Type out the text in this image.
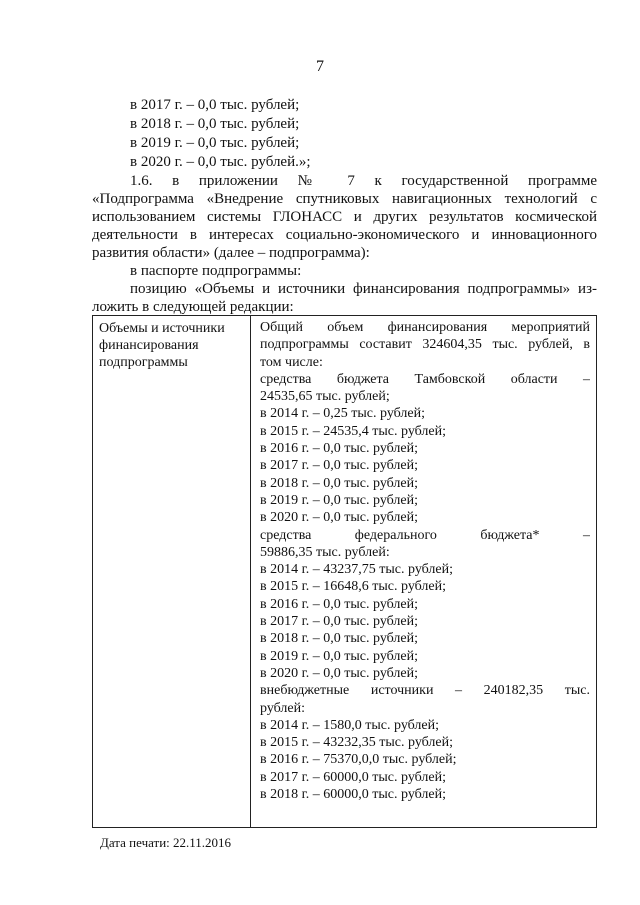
7
в 2017 г. – 0,0 тыс. рублей;
в 2018 г. – 0,0 тыс. рублей;
в 2019 г. – 0,0 тыс. рублей;
в 2020 г. – 0,0 тыс. рублей.»;
1.6. в приложении № 7 к государственной программе
«Подпрограмма «Внедрение спутниковых навигационных технологий с
использованием системы ГЛОНАСС и других результатов космической
деятельности в интересах социально-экономического и инновационного
развития области» (далее – подпрограмма):
в паспорте подпрограммы:
позицию «Объемы и источники финансирования подпрограммы» из-
ложить в следующей редакции:
Объемы и источники
финансирования
подпрограммы
Общий объем финансирования мероприятий
подпрограммы составит 324604,35 тыс. рублей, в
том числе:
средства бюджета Тамбовской области –
24535,65 тыс. рублей;
в 2014 г. – 0,25 тыс. рублей;
в 2015 г. – 24535,4 тыс. рублей;
в 2016 г. – 0,0 тыс. рублей;
в 2017 г. – 0,0 тыс. рублей;
в 2018 г. – 0,0 тыс. рублей;
в 2019 г. – 0,0 тыс. рублей;
в 2020 г. – 0,0 тыс. рублей;
средства федерального бюджета* –
59886,35 тыс. рублей:
в 2014 г. – 43237,75 тыс. рублей;
в 2015 г. – 16648,6 тыс. рублей;
в 2016 г. – 0,0 тыс. рублей;
в 2017 г. – 0,0 тыс. рублей;
в 2018 г. – 0,0 тыс. рублей;
в 2019 г. – 0,0 тыс. рублей;
в 2020 г. – 0,0 тыс. рублей;
внебюджетные источники – 240182,35 тыс.
рублей:
в 2014 г. – 1580,0 тыс. рублей;
в 2015 г. – 43232,35 тыс. рублей;
в 2016 г. – 75370,0,0 тыс. рублей;
в 2017 г. – 60000,0 тыс. рублей;
в 2018 г. – 60000,0 тыс. рублей;
Дата печати: 22.11.2016
